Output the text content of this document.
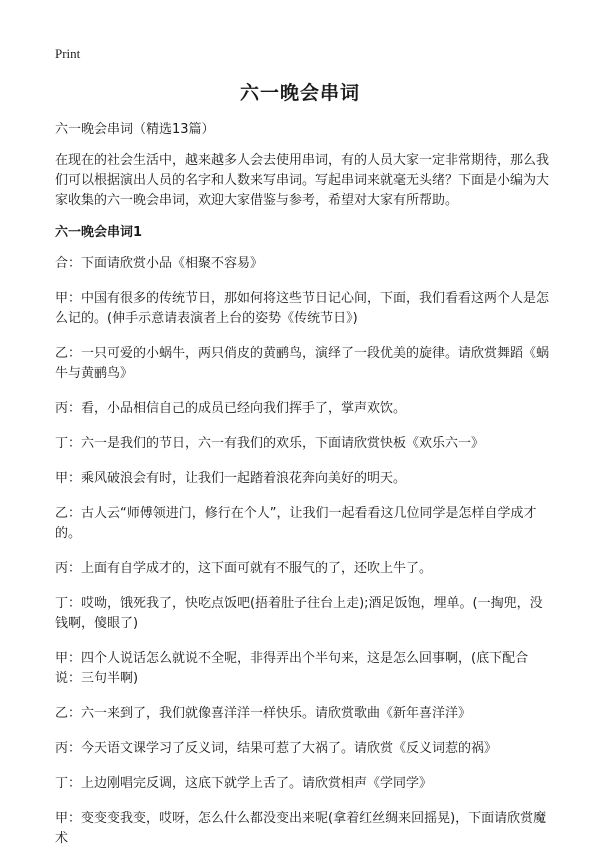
Print
六一晚会串词

六一晚会串词（精选13篇）

在现在的社会生活中，越来越多人会去使用串词，有的人员大家一定非常期待，那么我们可以根据演出人员的名字和人数来写串词。写起串词来就毫无头绪？下面是小编为大家收集的六一晚会串词，欢迎大家借鉴与参考，希望对大家有所帮助。

六一晚会串词1

合：下面请欣赏小品《相聚不容易》

甲：中国有很多的传统节日，那如何将这些节日记心间，下面，我们看看这两个人是怎么记的。(伸手示意请表演者上台的姿势《传统节日》)

乙：一只可爱的小蜗牛，两只俏皮的黄鹂鸟，演绎了一段优美的旋律。请欣赏舞蹈《蜗牛与黄鹂鸟》

丙：看，小品相信自己的成员已经向我们挥手了，掌声欢饮。

丁：六一是我们的节日，六一有我们的欢乐，下面请欣赏快板《欢乐六一》

甲：乘风破浪会有时，让我们一起踏着浪花奔向美好的明天。

乙：古人云“师傅领进门，修行在个人”，让我们一起看看这几位同学是怎样自学成才的。

丙：上面有自学成才的，这下面可就有不服气的了，还吹上牛了。

丁：哎呦，饿死我了，快吃点饭吧(捂着肚子往台上走);酒足饭饱，埋单。(一掏兜，没钱啊，傻眼了)

甲：四个人说话怎么就说不全呢，非得弄出个半句来，这是怎么回事啊，(底下配合说：三句半啊)

乙：六一来到了，我们就像喜洋洋一样快乐。请欣赏歌曲《新年喜洋洋》

丙：今天语文课学习了反义词，结果可惹了大祸了。请欣赏《反义词惹的祸》

丁：上边刚唱完反调，这底下就学上舌了。请欣赏相声《学同学》

甲：变变变我变，哎呀，怎么什么都没变出来呢(拿着红丝绸来回摇晃)，下面请欣赏魔术
